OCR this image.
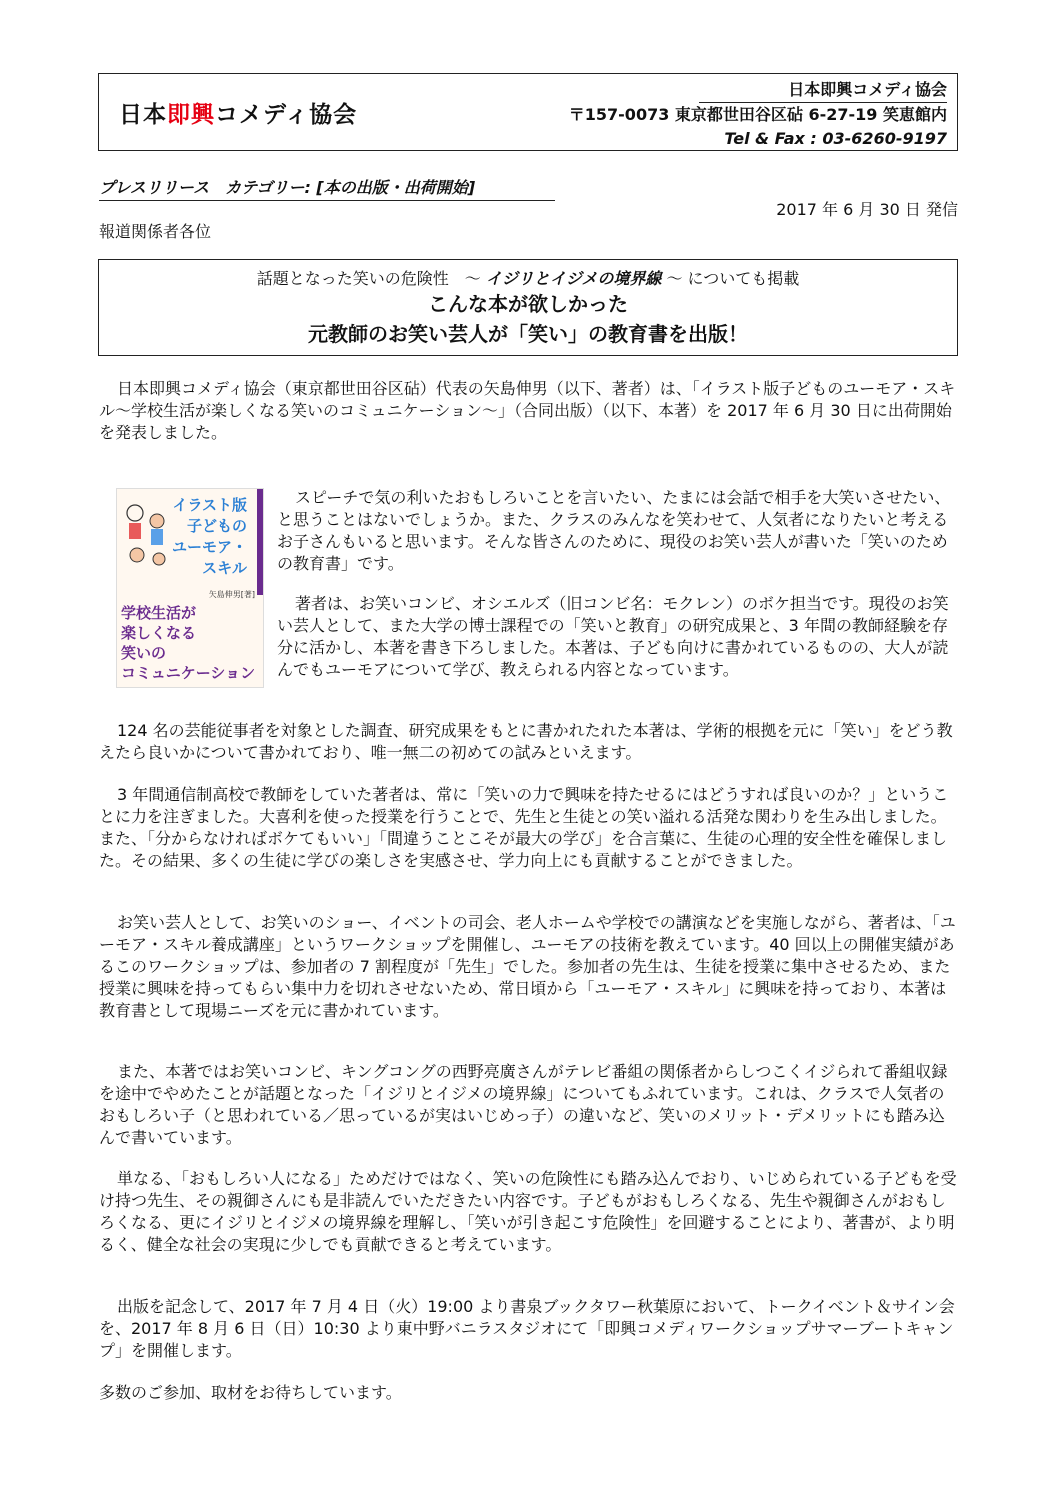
日本即興コメディ協会
日本即興コメディ協会
〒157-0073 東京都世田谷区砧 6-27-19 笑恵館内
Tel & Fax : 03-6260-9197
プレスリリース　カテゴリー: [本の出版・出荷開始]
2017 年 6 月 30 日 発信
報道関係者各位
話題となった笑いの危険性　～ イジリとイジメの境界線 ～ についても掲載
こんな本が欲しかった
元教師のお笑い芸人が「笑い」の教育書を出版！
日本即興コメディ協会（東京都世田谷区砧）代表の矢島伸男（以下、著者）は、「イラスト版子どものユーモア・スキル～学校生活が楽しくなる笑いのコミュニケーション～」（合同出版）（以下、本著）を 2017 年 6 月 30 日に出荷開始を発表しました。
イラスト版
子どもの
ユーモア・
スキル
矢島伸男[著]
学校生活が
楽しくなる
笑いの
コミュニケーション
スピーチで気の利いたおもしろいことを言いたい、たまには会話で相手を大笑いさせたい、と思うことはないでしょうか。また、クラスのみんなを笑わせて、人気者になりたいと考えるお子さんもいると思います。そんな皆さんのために、現役のお笑い芸人が書いた「笑いのための教育書」です。
著者は、お笑いコンビ、オシエルズ（旧コンビ名：モクレン）のボケ担当です。現役のお笑い芸人として、また大学の博士課程での「笑いと教育」の研究成果と、3 年間の教師経験を存分に活かし、本著を書き下ろしました。本著は、子ども向けに書かれているものの、大人が読んでもユーモアについて学び、教えられる内容となっています。
124 名の芸能従事者を対象とした調査、研究成果をもとに書かれたれた本著は、学術的根拠を元に「笑い」をどう教えたら良いかについて書かれており、唯一無二の初めての試みといえます。
3 年間通信制高校で教師をしていた著者は、常に「笑いの力で興味を持たせるにはどうすれば良いのか？」ということに力を注ぎました。大喜利を使った授業を行うことで、先生と生徒との笑い溢れる活発な関わりを生み出しました。また、「分からなければボケてもいい」「間違うことこそが最大の学び」を合言葉に、生徒の心理的安全性を確保しました。その結果、多くの生徒に学びの楽しさを実感させ、学力向上にも貢献することができました。
お笑い芸人として、お笑いのショー、イベントの司会、老人ホームや学校での講演などを実施しながら、著者は、「ユーモア・スキル養成講座」というワークショップを開催し、ユーモアの技術を教えています。40 回以上の開催実績があるこのワークショップは、参加者の 7 割程度が「先生」でした。参加者の先生は、生徒を授業に集中させるため、また授業に興味を持ってもらい集中力を切れさせないため、常日頃から「ユーモア・スキル」に興味を持っており、本著は教育書として現場ニーズを元に書かれています。
また、本著ではお笑いコンビ、キングコングの西野亮廣さんがテレビ番組の関係者からしつこくイジられて番組収録を途中でやめたことが話題となった「イジリとイジメの境界線」についてもふれています。これは、クラスで人気者のおもしろい子（と思われている／思っているが実はいじめっ子）の違いなど、笑いのメリット・デメリットにも踏み込んで書いています。
単なる、「おもしろい人になる」ためだけではなく、笑いの危険性にも踏み込んでおり、いじめられている子どもを受け持つ先生、その親御さんにも是非読んでいただきたい内容です。子どもがおもしろくなる、先生や親御さんがおもしろくなる、更にイジリとイジメの境界線を理解し、「笑いが引き起こす危険性」を回避することにより、著書が、より明るく、健全な社会の実現に少しでも貢献できると考えています。
出版を記念して、2017 年 7 月 4 日（火）19:00 より書泉ブックタワー秋葉原において、トークイベント＆サイン会を、2017 年 8 月 6 日（日）10:30 より東中野バニラスタジオにて「即興コメディワークショップサマーブートキャンプ」を開催します。
多数のご参加、取材をお待ちしています。
